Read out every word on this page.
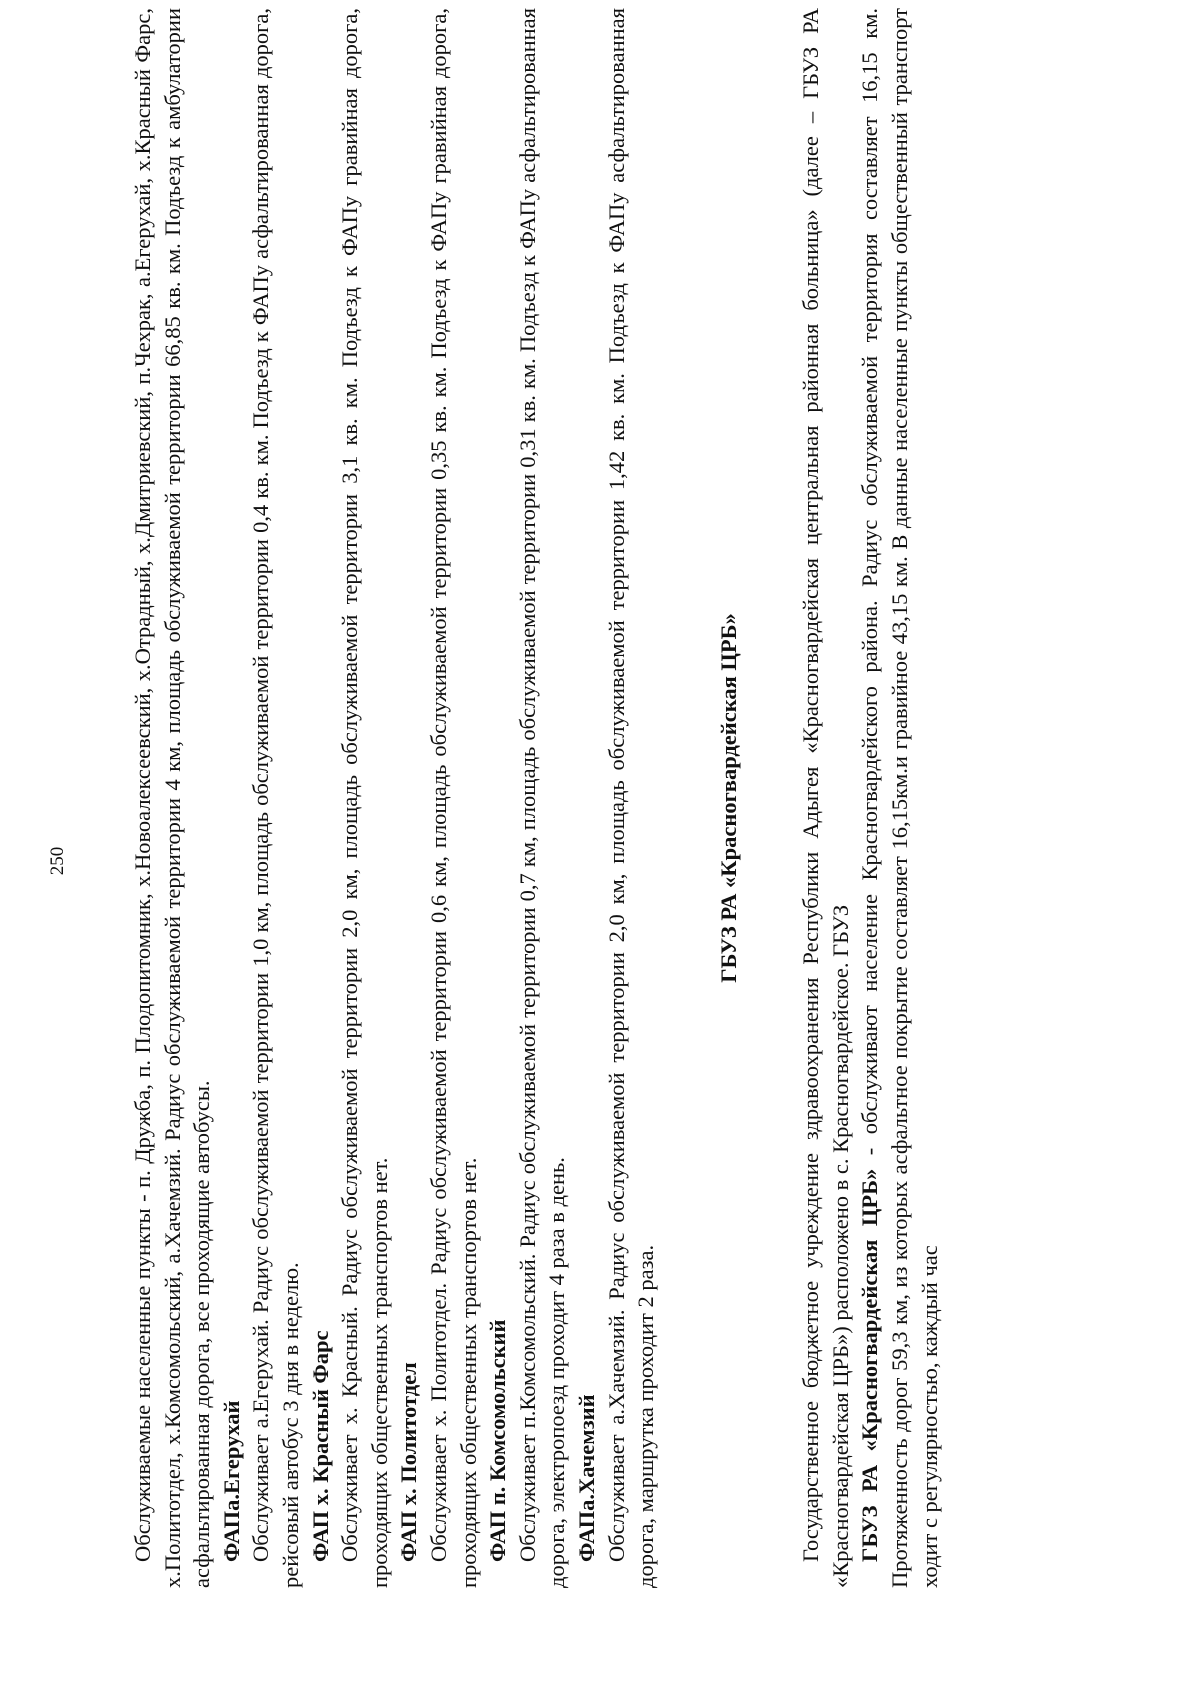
250	Обслуживаемые населенные пункты - п. Дружба, п. Плодопитомник, х.Новоалексеевский, х.Отрадный, х.Дмитриевский, п.Чехрак, а.Егерухай, х.Красный Фарс, х.Политотдел, х.Комсомольский, а.Хачемзий. Радиус обслуживаемой территории 4 км, площадь обслуживаемой территории 66,85 кв. км. Подъезд к амбулатории асфальтированная дорога, все проходящие автобусы. ФАПа.Егерухай Обслуживает а.Егерухай. Радиус обслуживаемой территории 1,0 км, площадь обслуживаемой территории 0,4 кв. км. Подъезд к ФАПу асфальтированная дорога, рейсовый автобус 3 дня в неделю. ФАП х. Красный Фарс Обслуживает х. Красный. Радиус обслуживаемой территории 2,0 км, площадь обслуживаемой территории 3,1 кв. км. Подъезд к ФАПу гравийная дорога, проходящих общественных транспортов нет. ФАП х. Политотдел Обслуживает х. Политотдел. Радиус обслуживаемой территории 0,6 км, площадь обслуживаемой территории 0,35 кв. км. Подъезд к ФАПу гравийная дорога, проходящих общественных транспортов нет. ФАП п. Комсомольский Обслуживает п.Комсомольский. Радиус обслуживаемой территории 0,7 км, площадь обслуживаемой территории 0,31 кв. км. Подъезд к ФАПу асфальтированная дорога, электропоезд проходит 4 раза в день. ФАПа.Хачемзий Обслуживает а.Хачемзий. Радиус обслуживаемой территории 2,0 км, площадь обслуживаемой территории 1,42 кв. км. Подъезд к ФАПу асфальтированная дорога, маршрутка проходит 2 раза.

ГБУЗ РА «Красногвардейская ЦРБ»	Государственное бюджетное учреждение здравоохранения Республики Адыгея «Красногвардейская центральная районная больница» (далее – ГБУЗ РА «Красногвардейская ЦРБ») расположено в с. Красногвардейское. ГБУЗ ГБУЗ РА «Красногвардейская ЦРБ» - обслуживают население Красногвардейского района. Радиус обслуживаемой территория составляет 16,15 км. Протяженность дорог 59,3 км, из которых асфальтное покрытие составляет 16,15км.и гравийное 43,15 км. В данные населенные пункты общественный транспорт ходит с регулярностью, каждый час
